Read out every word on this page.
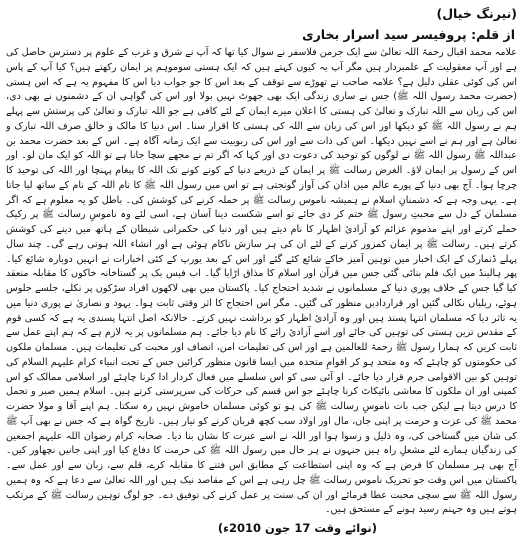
(نیرنگ خیال)
از قلم: پروفیسر سید اسرار بخاری

علامہ محمد اقبال رحمۃ اللہ تعالیٰ سے ایک جرمن فلاسفر نے سوال کیا تھا کہ آپ نے شرق و غرب کے علوم پر دسترس حاصل کی ہے اور آپ معقولیت کے علمبردار ہیں مگر آپ یہ کیوں کہتے ہیں کہ ایک ہستی سوموہم پر ایمان رکھتے ہیں؟ کیا آپ کے پاس اس کی کوئی عقلی دلیل ہے؟ علامہ صاحب نے تھوڑے سے توقف کے بعد اس کا جو جواب دیا اس کا مفہوم یہ ہے کہ اس ہستی (حضرت محمد رسول اللہ ﷺ) جس نے ساری زندگی ایک بھی جھوٹ نہیں بولا اور اس کی گواہی ان کے دشمنوں نے بھی دی، اس کی زبان سے اللہ تبارک و تعالیٰ کی ہستی کا اعلان میرے ایمان کے لئے کافی ہے جو اللہ تبارک و تعالیٰ کی پرستش سے پہلے ہم نے رسول اللہ ﷺ کو دیکھا اور اس کی زبان سے اللہ کی ہستی کا اقرار سنا۔ اس دنیا کا مالک و خالق صرف اللہ تبارک و تعالیٰ ہے اور ہم نے اسے نہیں دیکھا۔ اس کی ذات سے اور اس کی ربوبیت سے ایک زمانہ آگاہ ہے۔ اس کے بعد حضرت محمد بن عبداللہ ﷺ رسول اللہ ﷺ نے لوگوں کو توحید کی دعوت دی اور کہا کہ اگر تم نے مجھے سچا جانا ہے تو اللہ کو ایک مان لو۔ اور اس کے رسول پر ایمان لاؤ۔ الغرض رسالت ﷺ پر ایمان کے ذریعے دنیا کے کونے کونے تک اللہ کا پیغام پہنچا اور اللہ کی توحید کا چرچا ہوا۔ آج بھی دنیا کے پورے عالم میں اذان کی آواز گونجتی ہے تو اس میں رسول اللہ ﷺ کا نام اللہ کے نام کے ساتھ لیا جاتا ہے۔ یہی وجہ ہے کہ دشمنانِ اسلام نے ہمیشہ ناموس رسالت ﷺ پر حملہ کرنے کی کوشش کی۔ باطل کو یہ معلوم ہے کہ اگر مسلمان کے دل سے محبتِ رسول ﷺ ختم کر دی جائے تو اسے شکست دینا آسان ہے، اسی لئے وہ ناموسِ رسالت ﷺ پر رکیک حملے کرتے اور اپنے مذموم عزائم کو آزادیٔ اظہار کا نام دیتے ہیں اور دنیا کی حکمرانی شیطان کے ہاتھ میں دینے کی کوشش کرتے ہیں۔ رسالت ﷺ پر ایمان کمزور کرنے کے لئے ان کی ہر سازش ناکام ہوئی ہے اور انشاء اللہ ہوتی رہے گی۔ چند سال پہلے ڈنمارک کے ایک اخبار میں توہین آمیز خاکے شائع کئے گئے اور اس کے بعد یورپ کے کئی اخبارات نے انہیں دوبارہ شائع کیا۔ پھر ہالینڈ میں ایک فلم بنائی گئی جس میں قرآن اور اسلام کا مذاق اڑایا گیا۔ اب فیس بک پر گستاخانہ خاکوں کا مقابلہ منعقد کیا گیا جس کے خلاف پوری دنیا کے مسلمانوں نے شدید احتجاج کیا۔ پاکستان میں بھی لاکھوں افراد سڑکوں پر نکلے، جلسے جلوس ہوئے، ریلیاں نکالی گئیں اور قراردادیں منظور کی گئیں۔ مگر اس احتجاج کا اثر وقتی ثابت ہوا۔ یہود و نصاریٰ نے پوری دنیا میں یہ تاثر دیا کہ مسلمان انتہا پسند ہیں اور وہ آزادیٔ اظہار کو برداشت نہیں کرتے۔ حالانکہ اصل انتہا پسندی یہ ہے کہ کسی قوم کے مقدس ترین ہستی کی توہین کی جائے اور اسے آزادیٔ رائے کا نام دیا جائے۔ ہم مسلمانوں پر یہ لازم ہے کہ ہم اپنے عمل سے ثابت کریں کہ ہمارا رسول ﷺ رحمۃ للعالمین ہے اور اس کی تعلیمات امن، انصاف اور محبت کی تعلیمات ہیں۔ مسلمان ملکوں کی حکومتوں کو چاہئے کہ وہ متحد ہو کر اقوامِ متحدہ میں ایسا قانون منظور کرائیں جس کے تحت انبیاء کرام علیہم السلام کی توہین کو بین الاقوامی جرم قرار دیا جائے۔ او آئی سی کو اس سلسلے میں فعال کردار ادا کرنا چاہئے اور اسلامی ممالک کو اس کمپنی اور ان ملکوں کا معاشی بائیکاٹ کرنا چاہئے جو اس قسم کی حرکات کی سرپرستی کرتے ہیں۔ اسلام ہمیں صبر و تحمل کا درس دیتا ہے لیکن جب بات ناموسِ رسالت ﷺ کی ہو تو کوئی مسلمان خاموش نہیں رہ سکتا۔ ہم اپنے آقا و مولا حضرت محمد ﷺ کی عزت و حرمت پر اپنی جان، مال اور اولاد سب کچھ قربان کرنے کو تیار ہیں۔ تاریخ گواہ ہے کہ جس نے بھی آپ ﷺ کی شان میں گستاخی کی، وہ ذلیل و رسوا ہوا اور اللہ نے اسے عبرت کا نشان بنا دیا۔ صحابہ کرام رضوان اللہ علیہم اجمعین کی زندگیاں ہمارے لئے مشعلِ راہ ہیں جنہوں نے ہر حال میں رسول اللہ ﷺ کی حرمت کا دفاع کیا اور اپنی جانیں نچھاور کیں۔ آج بھی ہر مسلمان کا فرض ہے کہ وہ اپنی استطاعت کے مطابق اس فتنے کا مقابلہ کرے، قلم سے، زبان سے اور عمل سے۔ پاکستان میں اس وقت جو تحریک ناموس رسالت ﷺ چل رہی ہے اس کے مقاصد نیک ہیں اور اللہ تعالیٰ سے دعا ہے کہ وہ ہمیں رسول اللہ ﷺ سے سچی محبت عطا فرمائے اور ان کی سنت پر عمل کرنے کی توفیق دے۔ جو لوگ توہین رسالت ﷺ کے مرتکب ہوتے ہیں وہ جہنم رسید ہونے کے مستحق ہیں۔

(نوائے وقت 17 جون 2010ء)
